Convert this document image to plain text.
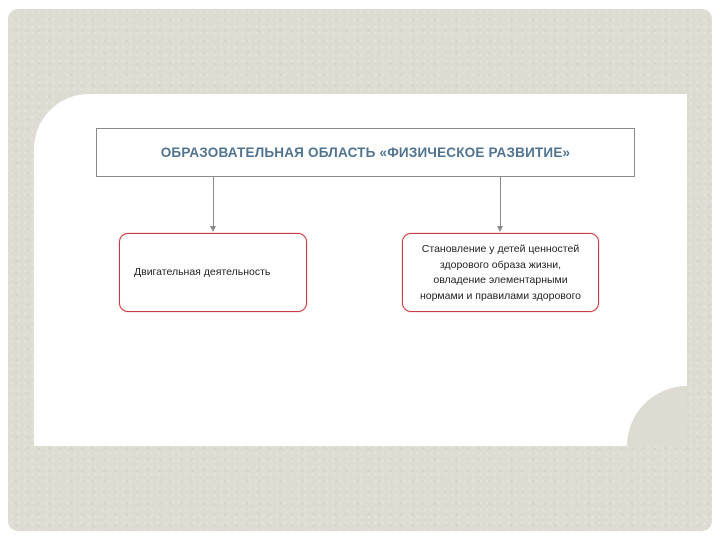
ОБРАЗОВАТЕЛЬНАЯ ОБЛАСТЬ «ФИЗИЧЕСКОЕ РАЗВИТИЕ»
Двигательная деятельность
Становление у детей ценностей
здорового образа жизни,
овладение элементарными
нормами и правилами здорового
